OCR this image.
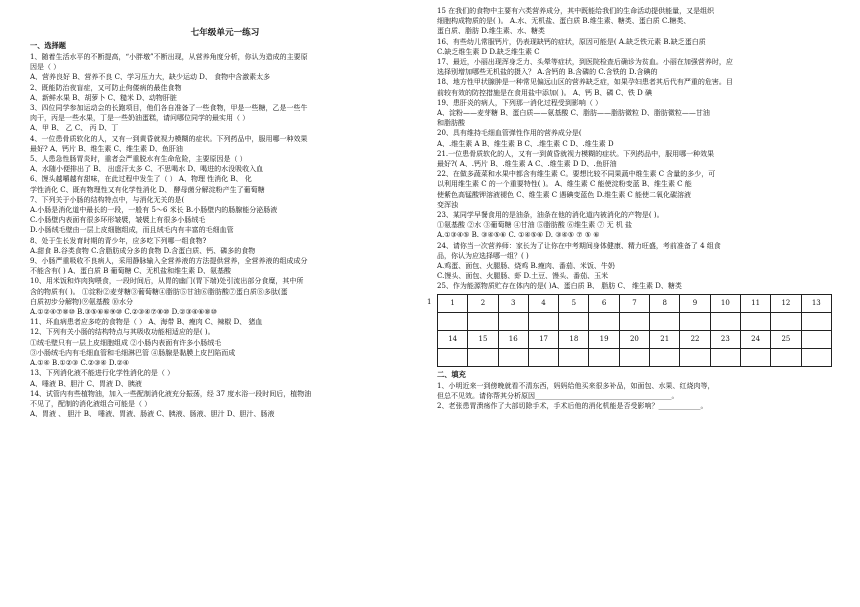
七年级单元一练习
一、选择题
1、随着生活水平的不断提高，“小胖墩”不断出现，从营养角度分析，你认为造成的主要原
因是（ ）
A、营养良好 B、营养不良 C、学习压力大，缺少运动 D、 食物中含激素太多
2、既能防治夜盲症，又可防止佝偻病的最佳食物
A、新鲜水果 B、胡萝卜 C、糙米 D、动物肝脏
3、四位同学参加运动会的长跑项目，他们各自准备了一些食物，甲是一些糖，乙是一些牛
肉干，丙是一些水果，丁是一些奶油蛋糕，请问哪位同学的最实用（ ）
A、甲 B、 乙 C、 丙 D、丁
4、一位患骨质软化的人，又有一到黄昏就视力模糊的症状。下列药品中，服用哪一种效果
最好? A、钙片 B、维生素 C、维生素 D、鱼肝油
5、人患急性肠胃炎时，重者会严重脱水有生命危险，主要原因是（ ）
A、水随小便排出了 B、 出虚汗太多 C、不思喝水 D、喝进的水没吸收入血
6、馒头越嚼越有甜味，在此过程中发生了（ ） A、物理 性消化 B、 化
学性消化 C、既有物理性又有化学性消化 D、 酵母菌分解淀粉产生了葡萄糖
7、下列关于小肠的结构特点中，与消化无关的是(
A.小肠是消化道中最长的一段，一般有 5～6 米长 B.小肠壁内的肠腺能分泌肠液
C.小肠壁内表面有很多环形皱襞，皱襞上有很多小肠绒毛
D.小肠绒毛壁由一层上皮细胞组成，而且绒毛内有丰富的毛细血管
8、处于生长发育时期的青少年，应多吃下列哪一组食物?
A.甜食 B.谷类食物 C.含脂肪成分多的食物 D.含蛋白质、钙、磷多的食物
9、小肠严重吸收不良病人，采用静脉输入全营养液的方法提供营养，全营养液的组成成分
不能含有( ) A、蛋白质 B 葡萄糖 C、无机盐和维生素 D、氨基酸
10、用米饭和炸肉狗喂食，一段时间后，从胃的幽门(胃下端)处引流出部分食糜，其中所
含的物质有( )。 ①淀粉②麦芽糖③葡萄糖④脂肪⑤甘油⑥脂肪酸⑦蛋白质⑧多肽(蛋
白质初步分解物)⑨氨基酸 ⑩水分
A.①②④⑦⑧⑩ B.③⑤⑥⑥⑨⑩ C.②③④⑦⑧⑩ D.②③④⑥⑧⑩
11、坏血病患者应多吃的食物是（ ） A、海带 B、瘦肉 C、辣椒 D、 猪血
12、下列有关小肠的结构特点与其吸收功能相适应的是( )。
①绒毛壁只有一层上皮细胞组成 ②小肠内表面有许多小肠绒毛
③小肠绒毛内有毛细血管和毛细淋巴管 ④肠腺是黏膜上皮凹陷而成
A.①④ B.①②③ C.②③④ D.②④
13、下列消化液不能进行化学性消化的是（ ）
A、唾液 B、胆汁 C、胃液 D、胰液
14、试管内有些植物油，加入一些配制消化液充分振荡，经 37 度水浴一段时间后，植物油
不见了，配制的消化液组合可能是（ ）
A、胃液 、 胆汁 B、 唾液、胃液、肠液 C、胰液、肠液、胆汁 D、胆汁、肠液
1
15 在我们的食物中主要有六类营养成分，其中既能给我们的生命活动提供能量，又是组织
细胞构成物质的是( )。 A.水、无机盐、蛋白质 B.维生素、糖类、蛋白质 C.糖类、
蛋白质、脂肪 D.维生素、水、糖类
16、有些幼儿常服钙片，仍表现缺钙的症状，原因可能是( A.缺乏铁元素 B.缺乏蛋白质
C.缺乏维生素 D D.缺乏维生素 C
17、最近，小丽出现浑身乏力、头晕等症状，到医院检查后确诊为贫血。小丽在加强营养时，应
选择别增加哪些无机盐的摄入？ A.含钙的 B.含磷的 C.含铁的 D.含碘的
18、地方性甲状腺肿是一种常见偏远山区的营养缺乏症，如果孕妇患者其后代有严重的危害。目
前较有效的防控措施是在食用盐中添加( )。 A、钙 B、磷 C、铁 D 碘
19、患肝炎的病人，下列那一消化过程受到影响（ ）
A、淀粉——麦芽糖 B、蛋白质——氨基酸 C、脂肪——脂肪微粒 D、脂肪微粒——甘油
和脂肪酸
20、具有维持毛细血管弹性作用的营养成分是(
A、.维生素 A B、维生素 B C、.维生素 C D、.维生素 D
21.一位患骨质软化的人，又有一到黄昏就视力模糊的症状。下列药品中，服用哪一种效果
最好?( A、.钙片 B、.维生素 A C、.维生素 D D、.鱼肝油
22、在做多蔬菜和水果中都含有维生素 C。要想比较不同果蔬中维生素 C 含量的多少，可
以利用维生素 C 的一个重要特性( )。 A、维生素 C 能使淀粉变蓝 B、维生素 C 能
使紫色高锰酸钾溶液褪色 C、维生素 C 遇碘变蓝色 D.维生素 C 能使二氧化碳溶液
变浑浊
23、某同学早餐食用的是油条，油条在他的消化道内被消化的产物是( )。
①氨基酸 ②水 ③葡萄糖 ④甘油 ⑤脂肪酸 ⑥维生素 ⑦ 无 机 盐
A.①③④⑤ B. ③④⑤⑥ C. ①④⑤⑥ D. ③④⑤ ⑦ ⑤ ⑥
24、请你当一次营养师：家长为了让你在中考期间身体健康、精力旺盛，考前准备了 4 组食
品，你认为应选择哪一组？( )
A.鸡蛋、面包、火腿肠、烧鸡 B.瘦肉、番茄、米饭、牛奶
C.馒头、面包、火腿肠、虾 D.土豆、馒头、番茄、玉米
25、作为能源物质贮存在体内的是( )A、蛋白质 B、 脂肪 C、 维生素 D、糖类
1	2	3	4	5	6	7	8	9	10	11	12	13

14	15	16	17	18	19	20	21	22	23	24	25	

二、填充
1、小明近来一到傍晚就看不清东西，妈妈给他买来很多补品，如面包、水果、红烧肉等，
但总不见效。请你帮其分析原因_______________________________________。
2、老张患胃溃疡作了大部切除手术，手术后他的消化机能是否受影响？____________。
